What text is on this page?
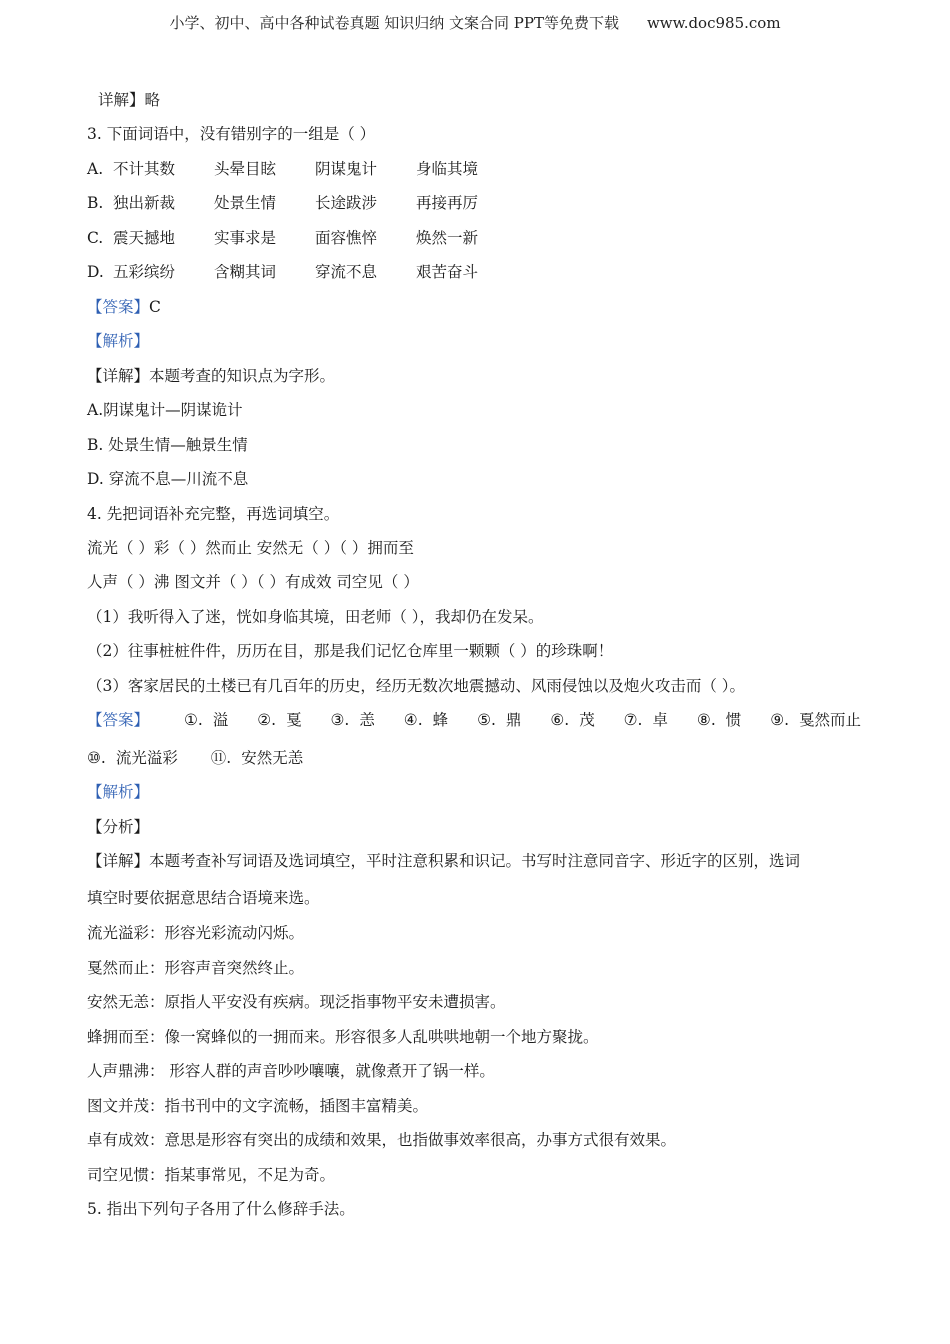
小学、初中、高中各种试卷真题 知识归纳 文案合同 PPT等免费下载 www.doc985.com
详解】略
3. 下面词语中，没有错别字的一组是（ ）
A. 不计其数	头晕目眩	阴谋鬼计	身临其境
B. 独出新裁	处景生情	长途跋涉	再接再厉
C. 震天撼地	实事求是	面容憔悴	焕然一新
D. 五彩缤纷	含糊其词	穿流不息	艰苦奋斗
【答案】C
【解析】
【详解】本题考查的知识点为字形。
A.阴谋鬼计—阴谋诡计
B. 处景生情—触景生情
D. 穿流不息—川流不息
4. 先把词语补充完整，再选词填空。
流光（ ）彩（ ）然而止 安然无（ ）（ ）拥而至
人声（ ）沸 图文并（ ）（ ）有成效 司空见（ ）
（1）我听得入了迷，恍如身临其境，田老师（ ），我却仍在发呆。
（2）往事桩桩件件，历历在目，那是我们记忆仓库里一颗颗（ ）的珍珠啊！
（3）客家居民的土楼已有几百年的历史，经历无数次地震撼动、风雨侵蚀以及炮火攻击而（ ）。
【答案】 ①. 溢 ②. 戛 ③. 恙 ④. 蜂 ⑤. 鼎 ⑥. 茂 ⑦. 卓 ⑧. 惯 ⑨. 戛然而止
⑩. 流光溢彩 ⑪. 安然无恙
【解析】
【分析】
【详解】本题考查补写词语及选词填空，平时注意积累和识记。书写时注意同音字、形近字的区别，选词
填空时要依据意思结合语境来选。
流光溢彩：形容光彩流动闪烁。
戛然而止：形容声音突然终止。
安然无恙：原指人平安没有疾病。现泛指事物平安未遭损害。
蜂拥而至：像一窝蜂似的一拥而来。形容很多人乱哄哄地朝一个地方聚拢。
人声鼎沸： 形容人群的声音吵吵嚷嚷，就像煮开了锅一样。
图文并茂：指书刊中的文字流畅，插图丰富精美。
卓有成效：意思是形容有突出的成绩和效果，也指做事效率很高，办事方式很有效果。
司空见惯：指某事常见，不足为奇。
5. 指出下列句子各用了什么修辞手法。
